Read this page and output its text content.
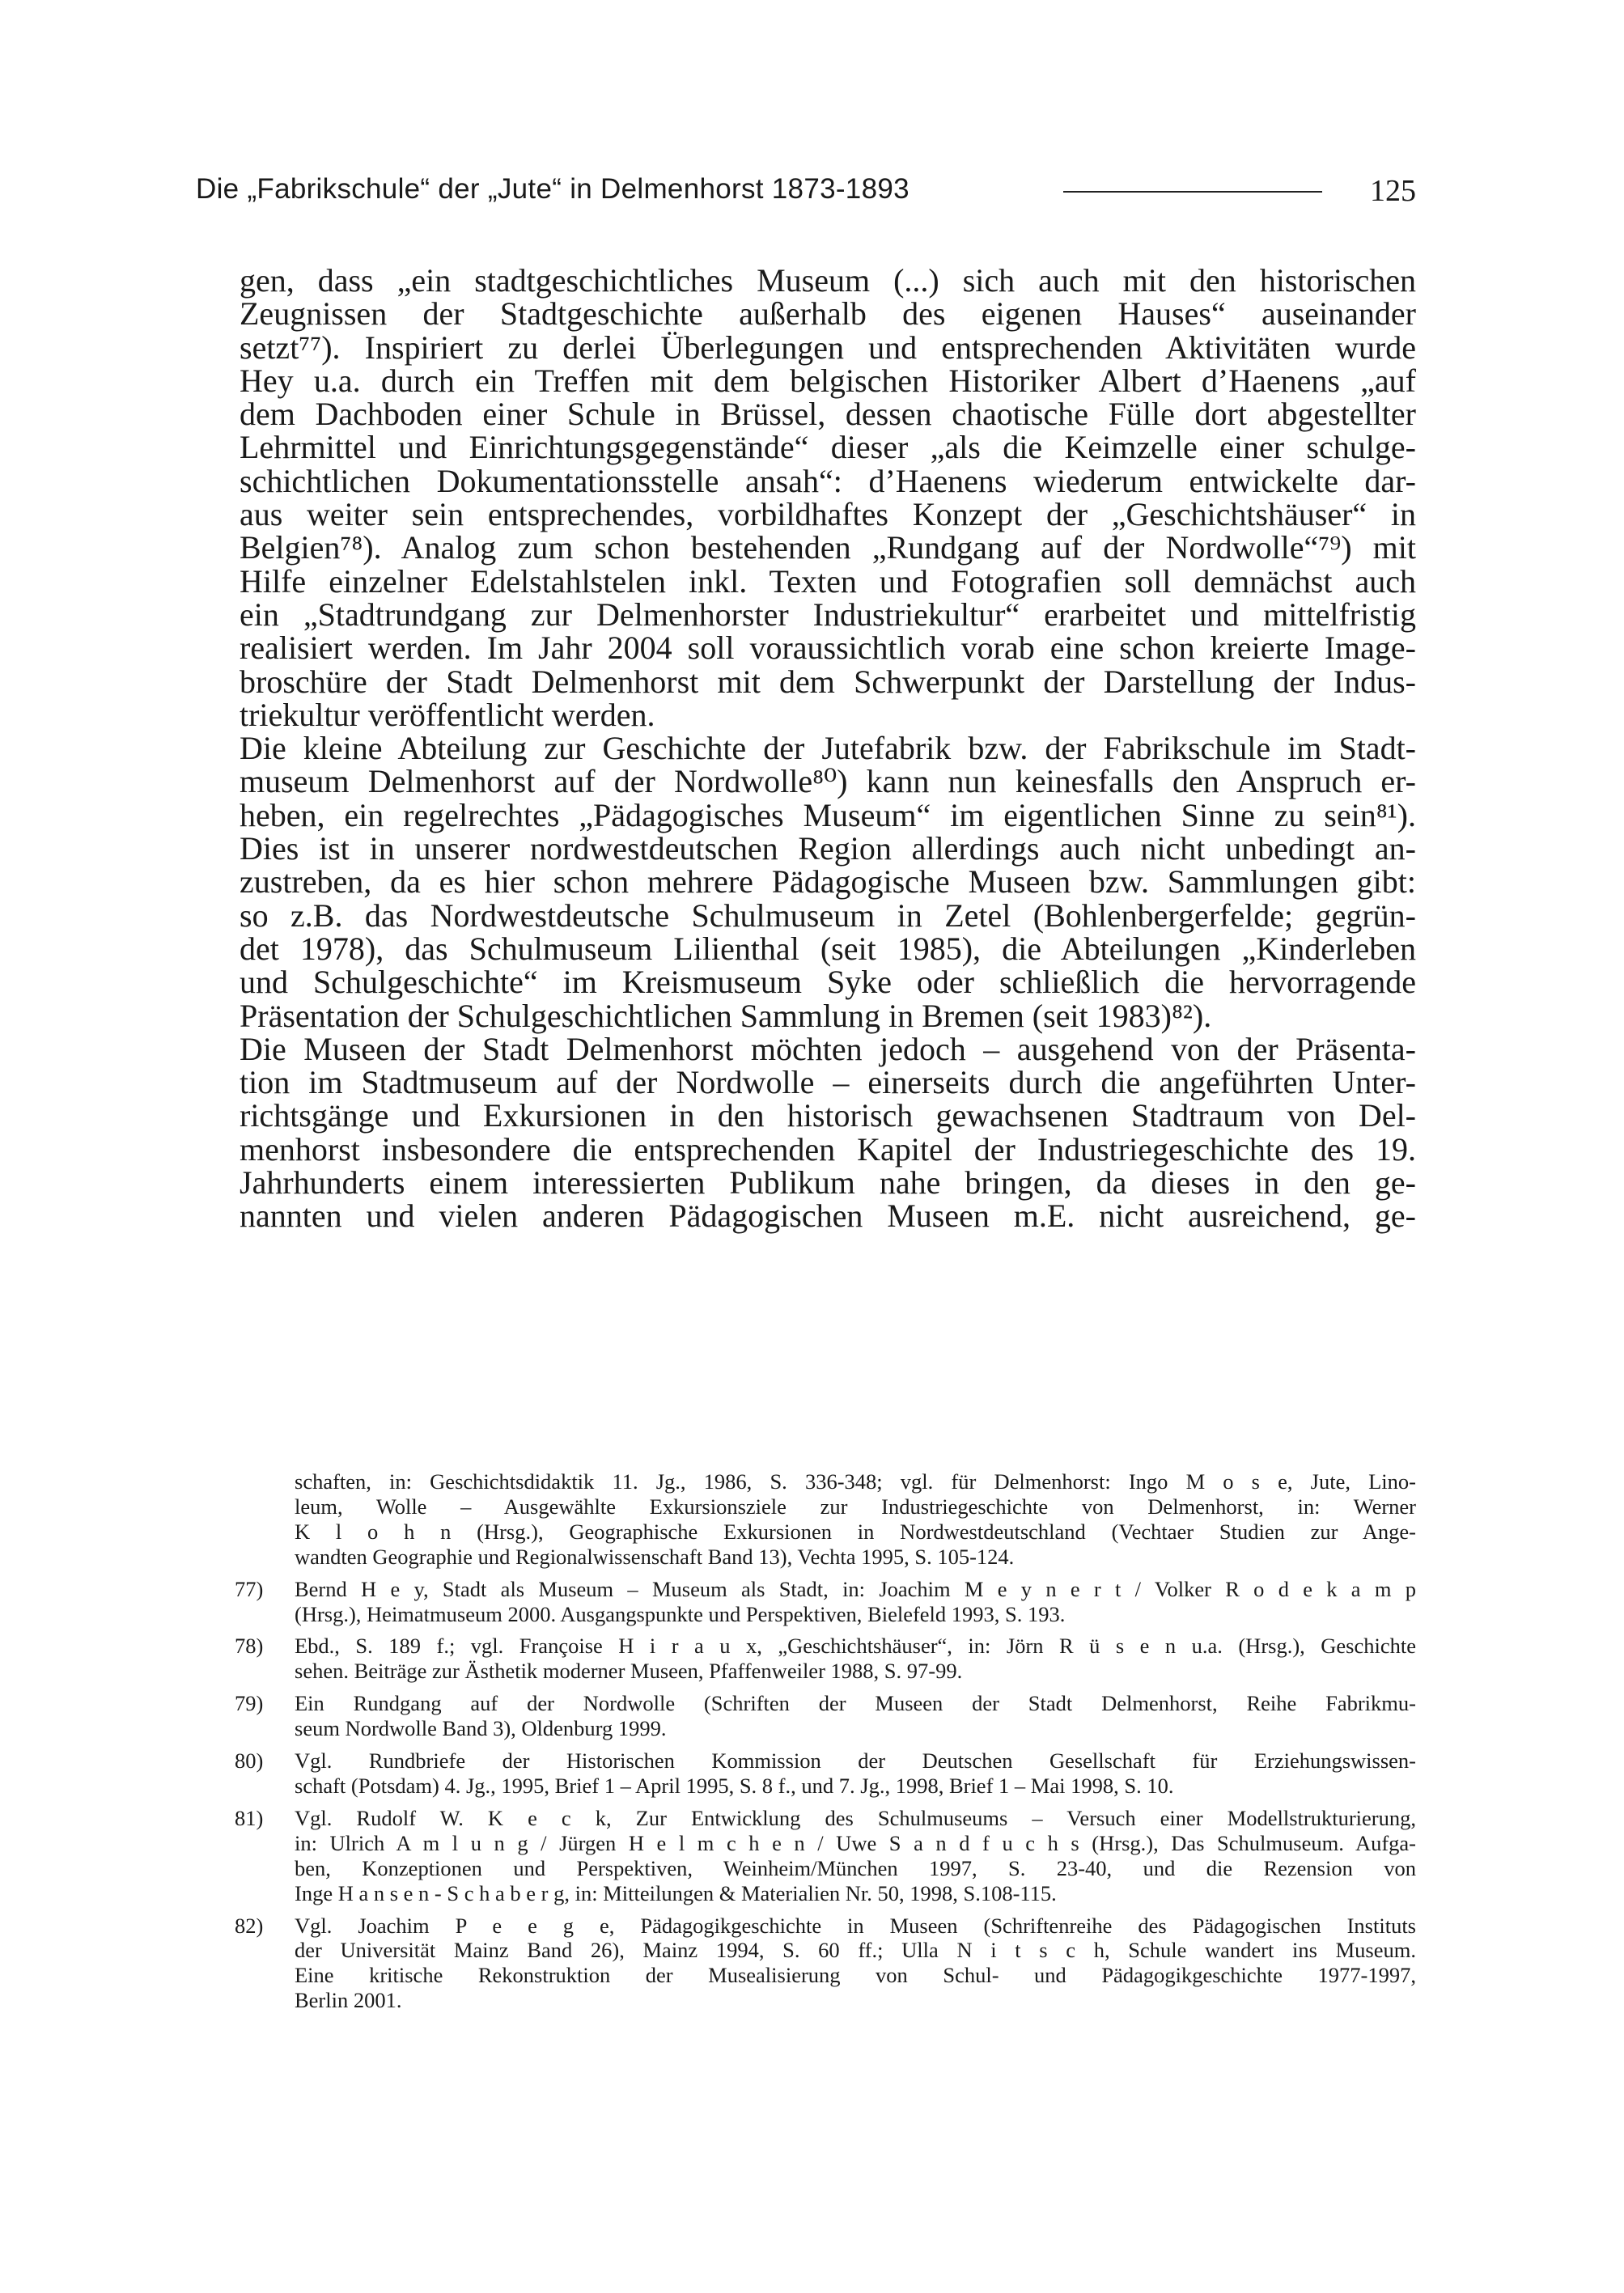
Die „Fabrikschule“ der „Jute“ in Delmenhorst 1873-1893	125
gen, dass „ein stadtgeschichtliches Museum (...) sich auch mit den historischen
Zeugnissen der Stadtgeschichte außerhalb des eigenen Hauses“ auseinander
setzt⁷⁷). Inspiriert zu derlei Überlegungen und entsprechenden Aktivitäten wurde
Hey u.a. durch ein Treffen mit dem belgischen Historiker Albert d’Haenens „auf
dem Dachboden einer Schule in Brüssel, dessen chaotische Fülle dort abgestellter
Lehrmittel und Einrichtungsgegenstände“ dieser „als die Keimzelle einer schulge-
schichtlichen Dokumentationsstelle ansah“: d’Haenens wiederum entwickelte dar-
aus weiter sein entsprechendes, vorbildhaftes Konzept der „Geschichtshäuser“ in
Belgien⁷⁸). Analog zum schon bestehenden „Rundgang auf der Nordwolle“⁷⁹) mit
Hilfe einzelner Edelstahlstelen inkl. Texten und Fotografien soll demnächst auch
ein „Stadtrundgang zur Delmenhorster Industriekultur“ erarbeitet und mittelfristig
realisiert werden. Im Jahr 2004 soll voraussichtlich vorab eine schon kreierte Image-
broschüre der Stadt Delmenhorst mit dem Schwerpunkt der Darstellung der Indus-
triekultur veröffentlicht werden.
Die kleine Abteilung zur Geschichte der Jutefabrik bzw. der Fabrikschule im Stadt-
museum Delmenhorst auf der Nordwolle⁸⁰) kann nun keinesfalls den Anspruch er-
heben, ein regelrechtes „Pädagogisches Museum“ im eigentlichen Sinne zu sein⁸¹).
Dies ist in unserer nordwestdeutschen Region allerdings auch nicht unbedingt an-
zustreben, da es hier schon mehrere Pädagogische Museen bzw. Sammlungen gibt:
so z.B. das Nordwestdeutsche Schulmuseum in Zetel (Bohlenbergerfelde; gegrün-
det 1978), das Schulmuseum Lilienthal (seit 1985), die Abteilungen „Kinderleben
und Schulgeschichte“ im Kreismuseum Syke oder schließlich die hervorragende
Präsentation der Schulgeschichtlichen Sammlung in Bremen (seit 1983)⁸²).
Die Museen der Stadt Delmenhorst möchten jedoch – ausgehend von der Präsenta-
tion im Stadtmuseum auf der Nordwolle – einerseits durch die angeführten Unter-
richtsgänge und Exkursionen in den historisch gewachsenen Stadtraum von Del-
menhorst insbesondere die entsprechenden Kapitel der Industriegeschichte des 19.
Jahrhunderts einem interessierten Publikum nahe bringen, da dieses in den ge-
nannten und vielen anderen Pädagogischen Museen m.E. nicht ausreichend, ge-
schaften, in: Geschichtsdidaktik 11. Jg., 1986, S. 336-348; vgl. für Delmenhorst: Ingo M o s e, Jute, Lino-
leum, Wolle – Ausgewählte Exkursionsziele zur Industriegeschichte von Delmenhorst, in: Werner
K l o h n (Hrsg.), Geographische Exkursionen in Nordwestdeutschland (Vechtaer Studien zur Ange-
wandten Geographie und Regionalwissenschaft Band 13), Vechta 1995, S. 105-124.
77)	Bernd H e y, Stadt als Museum – Museum als Stadt, in: Joachim M e y n e r t / Volker R o d e k a m p
(Hrsg.), Heimatmuseum 2000. Ausgangspunkte und Perspektiven, Bielefeld 1993, S. 193.
78)	Ebd., S. 189 f.; vgl. Françoise H i r a u x, „Geschichtshäuser“, in: Jörn R ü s e n u.a. (Hrsg.), Geschichte
sehen. Beiträge zur Ästhetik moderner Museen, Pfaffenweiler 1988, S. 97-99.
79)	Ein Rundgang auf der Nordwolle (Schriften der Museen der Stadt Delmenhorst, Reihe Fabrikmu-
seum Nordwolle Band 3), Oldenburg 1999.
80)	Vgl. Rundbriefe der Historischen Kommission der Deutschen Gesellschaft für Erziehungswissen-
schaft (Potsdam) 4. Jg., 1995, Brief 1 – April 1995, S. 8 f., und 7. Jg., 1998, Brief 1 – Mai 1998, S. 10.
81)	Vgl. Rudolf W. K e c k, Zur Entwicklung des Schulmuseums – Versuch einer Modellstrukturierung,
in: Ulrich A m l u n g / Jürgen H e l m c h e n / Uwe S a n d f u c h s (Hrsg.), Das Schulmuseum. Aufga-
ben, Konzeptionen und Perspektiven, Weinheim/München 1997, S. 23-40, und die Rezension von
Inge H a n s e n - S c h a b e r g, in: Mitteilungen & Materialien Nr. 50, 1998, S.108-115.
82)	Vgl. Joachim P e e g e, Pädagogikgeschichte in Museen (Schriftenreihe des Pädagogischen Instituts
der Universität Mainz Band 26), Mainz 1994, S. 60 ff.; Ulla N i t s c h, Schule wandert ins Museum.
Eine kritische Rekonstruktion der Musealisierung von Schul- und Pädagogikgeschichte 1977-1997,
Berlin 2001.
